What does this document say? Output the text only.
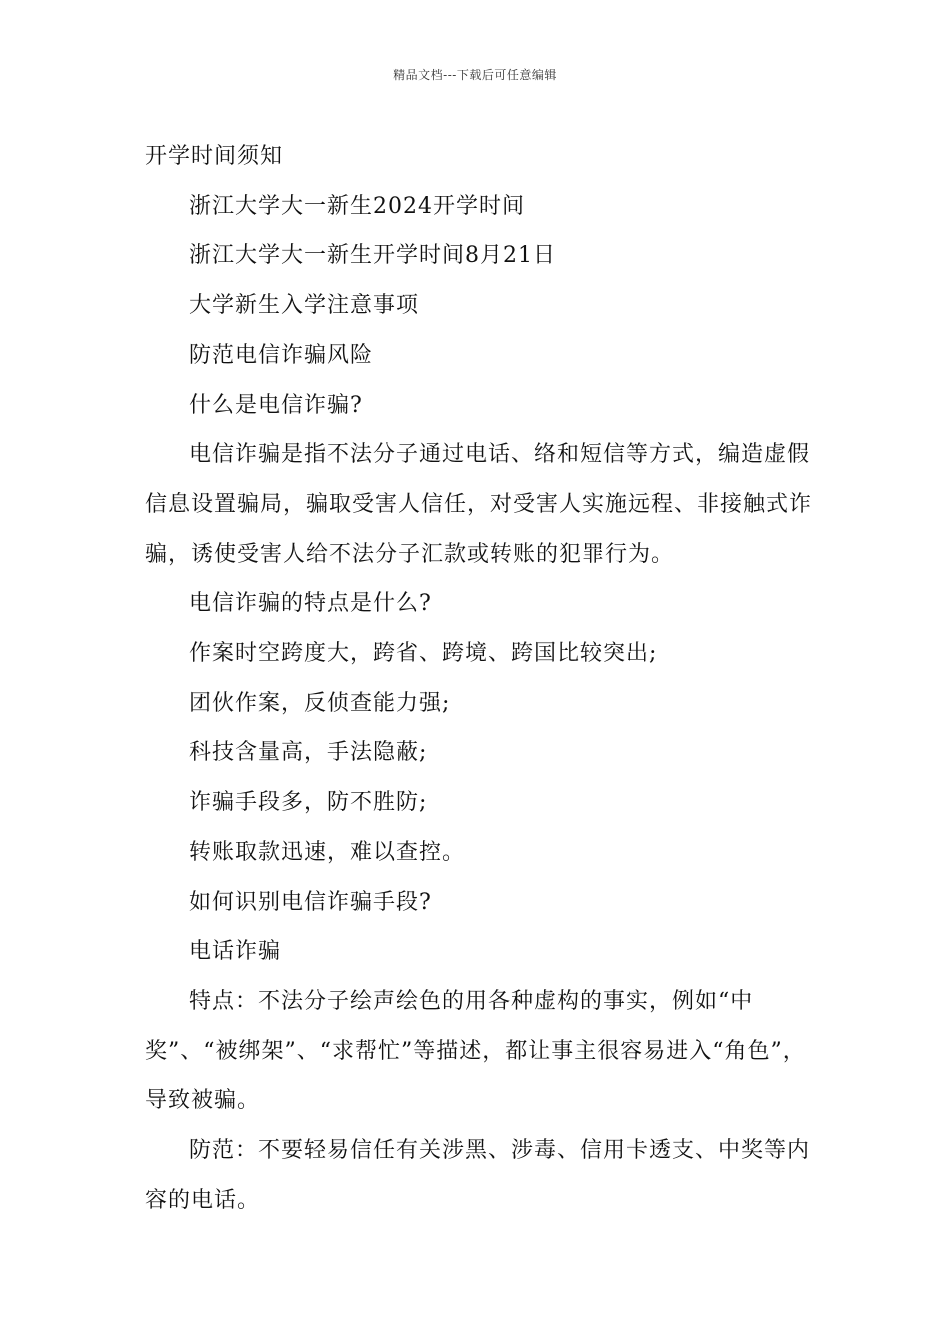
精品文档---下载后可任意编辑

开学时间须知

浙江大学大一新生2024开学时间

浙江大学大一新生开学时间8月21日

大学新生入学注意事项

防范电信诈骗风险

什么是电信诈骗?

电信诈骗是指不法分子通过电话、络和短信等方式，编造虚假信息设置骗局，骗取受害人信任，对受害人实施远程、非接触式诈骗，诱使受害人给不法分子汇款或转账的犯罪行为。

电信诈骗的特点是什么?

作案时空跨度大，跨省、跨境、跨国比较突出;

团伙作案，反侦查能力强;

科技含量高，手法隐蔽;

诈骗手段多，防不胜防;

转账取款迅速，难以查控。

如何识别电信诈骗手段?

电话诈骗

特点：不法分子绘声绘色的用各种虚构的事实，例如“中奖”、“被绑架”、“求帮忙”等描述，都让事主很容易进入“角色”，导致被骗。

防范：不要轻易信任有关涉黑、涉毒、信用卡透支、中奖等内容的电话。
